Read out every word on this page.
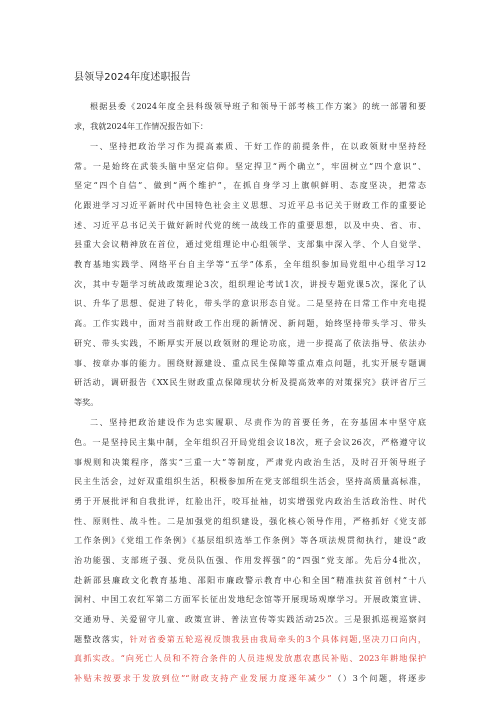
县领导2024年度述职报告
根据县委《2024年度全县科级领导班子和领导干部考核工作方案》的统一部署和要
求，我就2024年工作情况报告如下：
一、坚持把政治学习作为提高素质、干好工作的前提条件，在以政领财中坚持经
常。一是始终在武装头脑中坚定信仰。坚定捍卫“两个确立”，牢固树立“四个意识”、
坚定“四个自信”、做到“两个维护”，在抓自身学习上旗帜鲜明、态度坚决，把常态
化跟进学习习近平新时代中国特色社会主义思想、习近平总书记关于财政工作的重要论
述、习近平总书记关于做好新时代党的统一战线工作的重要思想，以及中央、省、市、
县重大会议精神放在首位，通过党组理论中心组领学、支部集中深入学、个人自觉学、
教育基地实践学、网络平台自主学等“五学”体系，全年组织参加局党组中心组学习12
次，其中专题学习统战政策理论3次，组织理论考试1次，讲授专题党课5次，深化了认
识、升华了思想、促进了转化，带头学的意识形态自觉。二是坚持在日常工作中充电提
高。工作实践中，面对当前财政工作出现的新情况、新问题，始终坚持带头学习、带头
研究、带头实践，不断厚实开展以政领财的理论功底，进一步提高了依法指导、依法办
事、按章办事的能力。围绕财源建设、重点民生保障等重点难点问题，扎实开展专题调
研活动，调研报告《XX民生财政重点保障现状分析及提高效率的对策探究》获评省厅三
等奖。
二、坚持把政治建设作为忠实履职、尽责作为的首要任务，在夯基固本中坚守底
色。一是坚持民主集中制，全年组织召开局党组会议18次，班子会议26次，严格遵守议
事规则和决策程序，落实“三重一大”等制度，严肃党内政治生活，及时召开领导班子
民主生活会，过好双重组织生活，积极参加所在党支部组织生活会，坚持高质量高标准，
勇于开展批评和自我批评，红脸出汗，咬耳扯袖，切实增强党内政治生活政治性、时代
性、原则性、战斗性。二是加强党的组织建设，强化核心领导作用，严格抓好《党支部
工作条例》《党组工作条例》《基层组织选举工作条例》等各项法规贯彻执行，建设“政
治功能强、支部班子强、党员队伍强、作用发挥强”的“四强”党支部。先后分4批次，
赴新邵县廉政文化教育基地、邵阳市廉政警示教育中心和全国“精准扶贫首创村”十八
洞村、中国工农红军第二方面军长征出发地纪念馆等开展现场观摩学习。开展政策宣讲、
交通劝导、关爱留守儿童、政策宣讲、普法宣传等实践活动25次。三是狠抓巡视巡察问
题整改落实，针对省委第五轮巡视反馈我县由我局牵头的3个具体问题,坚决刀口向内，
真抓实改。“向死亡人员和不符合条件的人员违规发放惠农惠民补贴、2023年耕地保护
补贴未按要求于发放到位”“财政支持产业发展力度逐年减少”（）3个问题，将逐步
